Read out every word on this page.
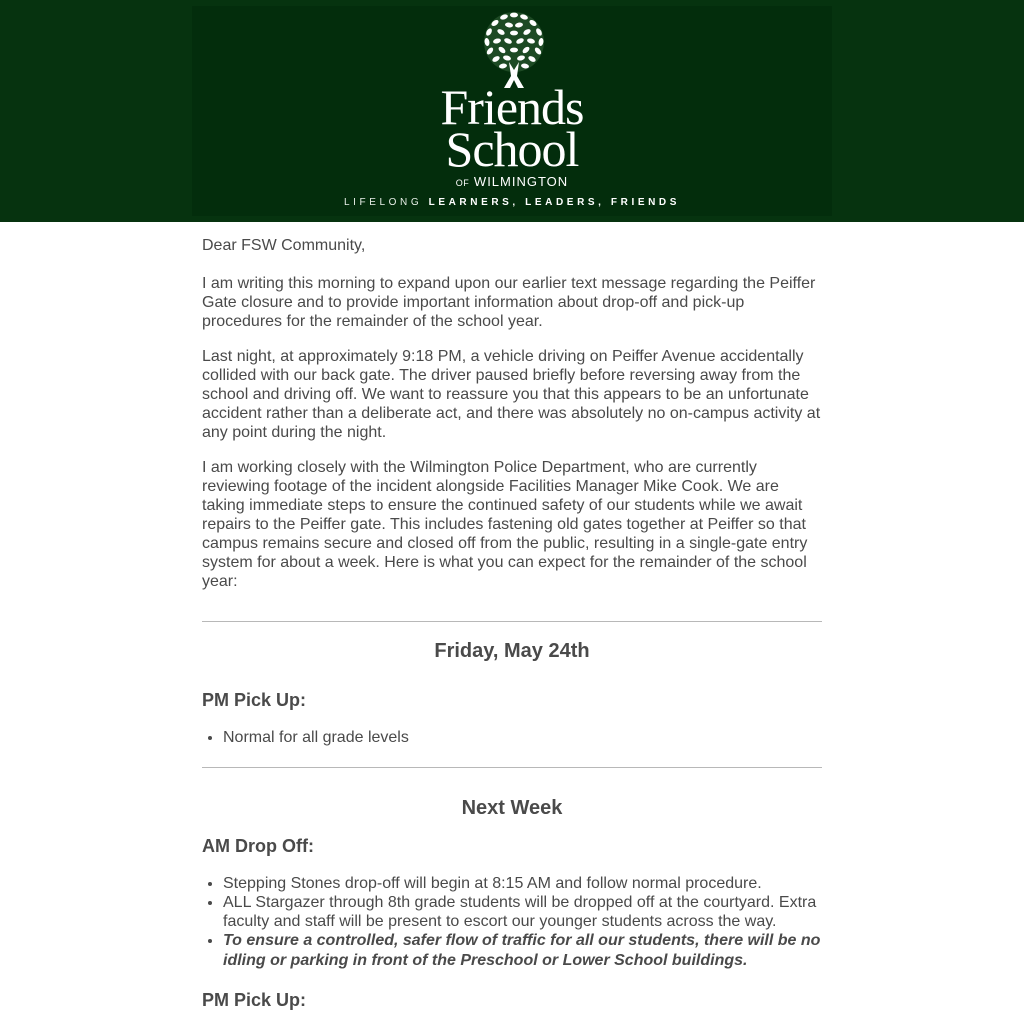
Friends
School
OF WILMINGTON
LIFELONG LEARNERS, LEADERS, FRIENDS

Dear FSW Community,

I am writing this morning to expand upon our earlier text message regarding the Peiffer Gate closure and to provide important information about drop-off and pick-up procedures for the remainder of the school year.

Last night, at approximately 9:18 PM, a vehicle driving on Peiffer Avenue accidentally collided with our back gate. The driver paused briefly before reversing away from the school and driving off. We want to reassure you that this appears to be an unfortunate accident rather than a deliberate act, and there was absolutely no on-campus activity at any point during the night.

I am working closely with the Wilmington Police Department, who are currently reviewing footage of the incident alongside Facilities Manager Mike Cook. We are taking immediate steps to ensure the continued safety of our students while we await repairs to the Peiffer gate. This includes fastening old gates together at Peiffer so that campus remains secure and closed off from the public, resulting in a single-gate entry system for about a week. Here is what you can expect for the remainder of the school year:

Friday, May 24th
PM Pick Up:
• Normal for all grade levels
Next Week
AM Drop Off:
• Stepping Stones drop-off will begin at 8:15 AM and follow normal procedure.
• ALL Stargazer through 8th grade students will be dropped off at the courtyard. Extra faculty and staff will be present to escort our younger students across the way.
• To ensure a controlled, safer flow of traffic for all our students, there will be no idling or parking in front of the Preschool or Lower School buildings.
PM Pick Up:
